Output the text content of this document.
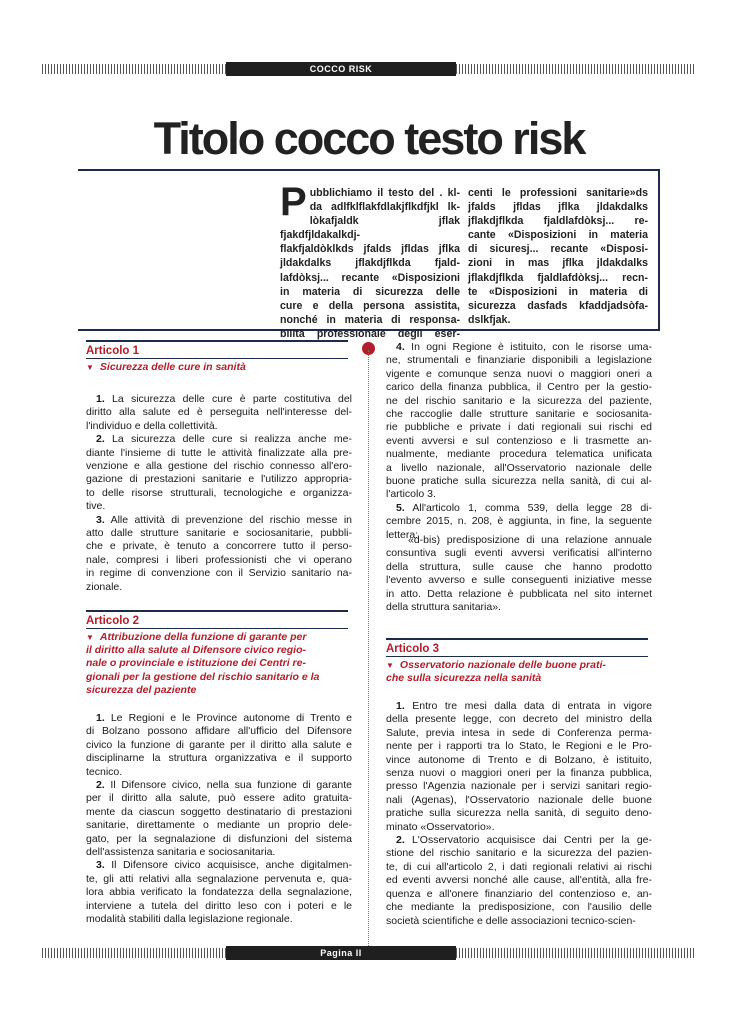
COCCO RISK
Titolo cocco testo risk
P ubblichiamo il testo del . kl-
da adlfklflakfdlakjflkdfjkl lk-
lòkafjaldk jflak fjakdfjldakalkdj-
flakfjaldòklkds jfalds jfldas jflka
jldakdalks jflakdjflkda fjald-
lafdòksj... recante «Disposizioni
in materia di sicurezza delle
cure e della persona assistita,
nonché in materia di responsa-
bilità professionale degli eser-
centi le professioni sanitarie»ds
jfalds jfldas jflka jldakdalks
jflakdjflkda fjaldlafdòksj... re-
cante «Disposizioni in materia
di sicuresj... recante «Disposi-
zioni in mas jflka jldakdalks
jflakdjflkda fjaldlafdòksj... recn-
te «Disposizioni in materia di
sicurezza dasfads kfaddjadsòfa-
dslkfjak.
Articolo 1
▼ Sicurezza delle cure in sanità
1. La sicurezza delle cure è parte costitutiva del
diritto alla salute ed è perseguita nell'interesse del-
l'individuo e della collettività.
2. La sicurezza delle cure si realizza anche me-
diante l'insieme di tutte le attività finalizzate alla pre-
venzione e alla gestione del rischio connesso all'ero-
gazione di prestazioni sanitarie e l'utilizzo appropria-
to delle risorse strutturali, tecnologiche e organizza-
tive.
3. Alle attività di prevenzione del rischio messe in
atto dalle strutture sanitarie e sociosanitarie, pubbli-
che e private, è tenuto a concorrere tutto il perso-
nale, compresi i liberi professionisti che vi operano
in regime di convenzione con il Servizio sanitario na-
zionale.
Articolo 2
▼ Attribuzione della funzione di garante per
il diritto alla salute al Difensore civico regio-
nale o provinciale e istituzione dei Centri re-
gionali per la gestione del rischio sanitario e la
sicurezza del paziente
1. Le Regioni e le Province autonome di Trento e
di Bolzano possono affidare all'ufficio del Difensore
civico la funzione di garante per il diritto alla salute e
disciplinarne la struttura organizzativa e il supporto
tecnico.
2. Il Difensore civico, nella sua funzione di garante
per il diritto alla salute, può essere adito gratuita-
mente da ciascun soggetto destinatario di prestazioni
sanitarie, direttamente o mediante un proprio dele-
gato, per la segnalazione di disfunzioni del sistema
dell'assistenza sanitaria e sociosanitaria.
3. Il Difensore civico acquisisce, anche digitalmen-
te, gli atti relativi alla segnalazione pervenuta e, qua-
lora abbia verificato la fondatezza della segnalazione,
interviene a tutela del diritto leso con i poteri e le
modalità stabiliti dalla legislazione regionale.
4. In ogni Regione è istituito, con le risorse uma-
ne, strumentali e finanziarie disponibili a legislazione
vigente e comunque senza nuovi o maggiori oneri a
carico della finanza pubblica, il Centro per la gestio-
ne del rischio sanitario e la sicurezza del paziente,
che raccoglie dalle strutture sanitarie e sociosanita-
rie pubbliche e private i dati regionali sui rischi ed
eventi avversi e sul contenzioso e li trasmette an-
nualmente, mediante procedura telematica unificata
a livello nazionale, all'Osservatorio nazionale delle
buone pratiche sulla sicurezza nella sanità, di cui al-
l'articolo 3.
5. All'articolo 1, comma 539, della legge 28 di-
cembre 2015, n. 208, è aggiunta, in fine, la seguente
lettera:
«d-bis) predisposizione di una relazione annuale
consuntiva sugli eventi avversi verificatisi all'interno
della struttura, sulle cause che hanno prodotto
l'evento avverso e sulle conseguenti iniziative messe
in atto. Detta relazione è pubblicata nel sito internet
della struttura sanitaria».
Articolo 3
▼ Osservatorio nazionale delle buone prati-
che sulla sicurezza nella sanità
1. Entro tre mesi dalla data di entrata in vigore
della presente legge, con decreto del ministro della
Salute, previa intesa in sede di Conferenza perma-
nente per i rapporti tra lo Stato, le Regioni e le Pro-
vince autonome di Trento e di Bolzano, è istituito,
senza nuovi o maggiori oneri per la finanza pubblica,
presso l'Agenzia nazionale per i servizi sanitari regio-
nali (Agenas), l'Osservatorio nazionale delle buone
pratiche sulla sicurezza nella sanità, di seguito deno-
minato «Osservatorio».
2. L'Osservatorio acquisisce dai Centri per la ge-
stione del rischio sanitario e la sicurezza del pazien-
te, di cui all'articolo 2, i dati regionali relativi ai rischi
ed eventi avversi nonché alle cause, all'entità, alla fre-
quenza e all'onere finanziario del contenzioso e, an-
che mediante la predisposizione, con l'ausilio delle
società scientifiche e delle associazioni tecnico-scien-
Pagina II
